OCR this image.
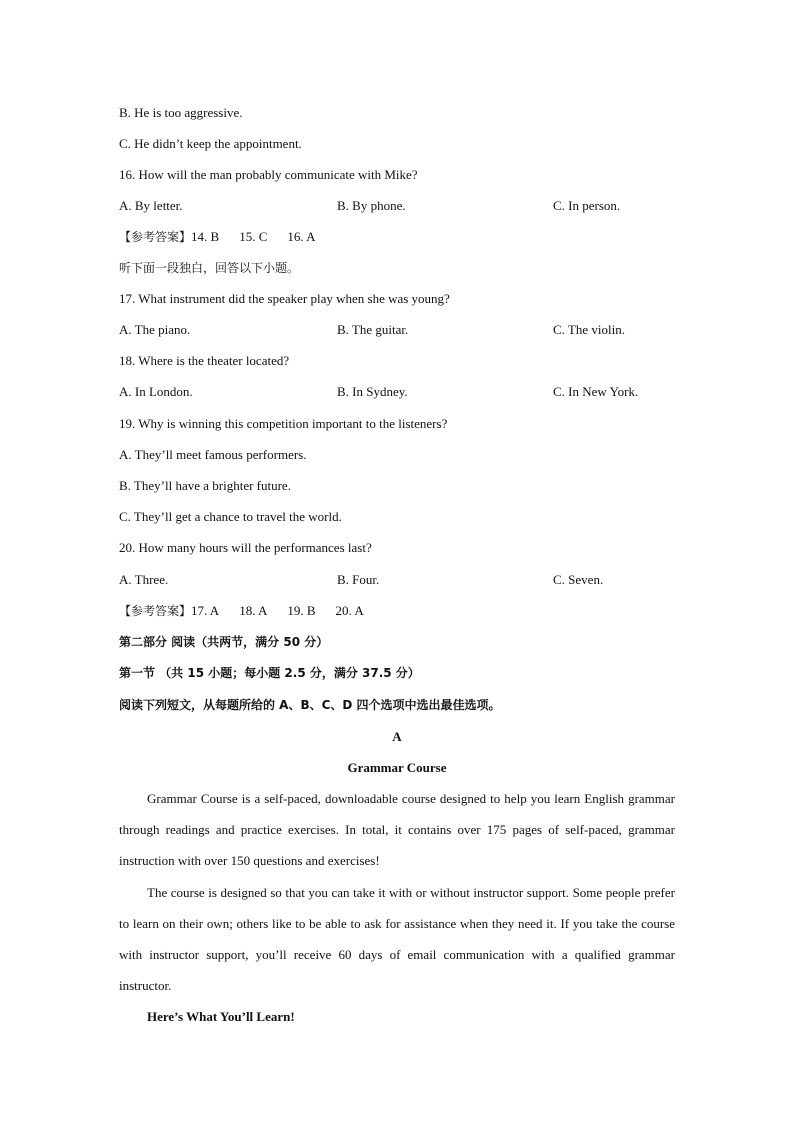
B. He is too aggressive.
C. He didn’t keep the appointment.
16. How will the man probably communicate with Mike?
A. By letter.	B. By phone.	C. In person.
【参考答案】14. B 15. C 16. A
听下面一段独白，回答以下小题。
17. What instrument did the speaker play when she was young?
A. The piano.	B. The guitar.	C. The violin.
18. Where is the theater located?
A. In London.	B. In Sydney.	C. In New York.
19. Why is winning this competition important to the listeners?
A. They’ll meet famous performers.
B. They’ll have a brighter future.
C. They’ll get a chance to travel the world.
20. How many hours will the performances last?
A. Three.	B. Four.	C. Seven.
【参考答案】17. A 18. A 19. B 20. A
第二部分 阅读（共两节，满分 50 分）
第一节 （共 15 小题；每小题 2.5 分，满分 37.5 分）
阅读下列短文，从每题所给的 A、B、C、D 四个选项中选出最佳选项。
A
Grammar Course
Grammar Course is a self-paced, downloadable course designed to help you learn English grammar through readings and practice exercises. In total, it contains over 175 pages of self-paced, grammar instruction with over 150 questions and exercises!
The course is designed so that you can take it with or without instructor support. Some people prefer to learn on their own; others like to be able to ask for assistance when they need it. If you take the course with instructor support, you’ll receive 60 days of email communication with a qualified grammar instructor.
Here’s What You’ll Learn!
